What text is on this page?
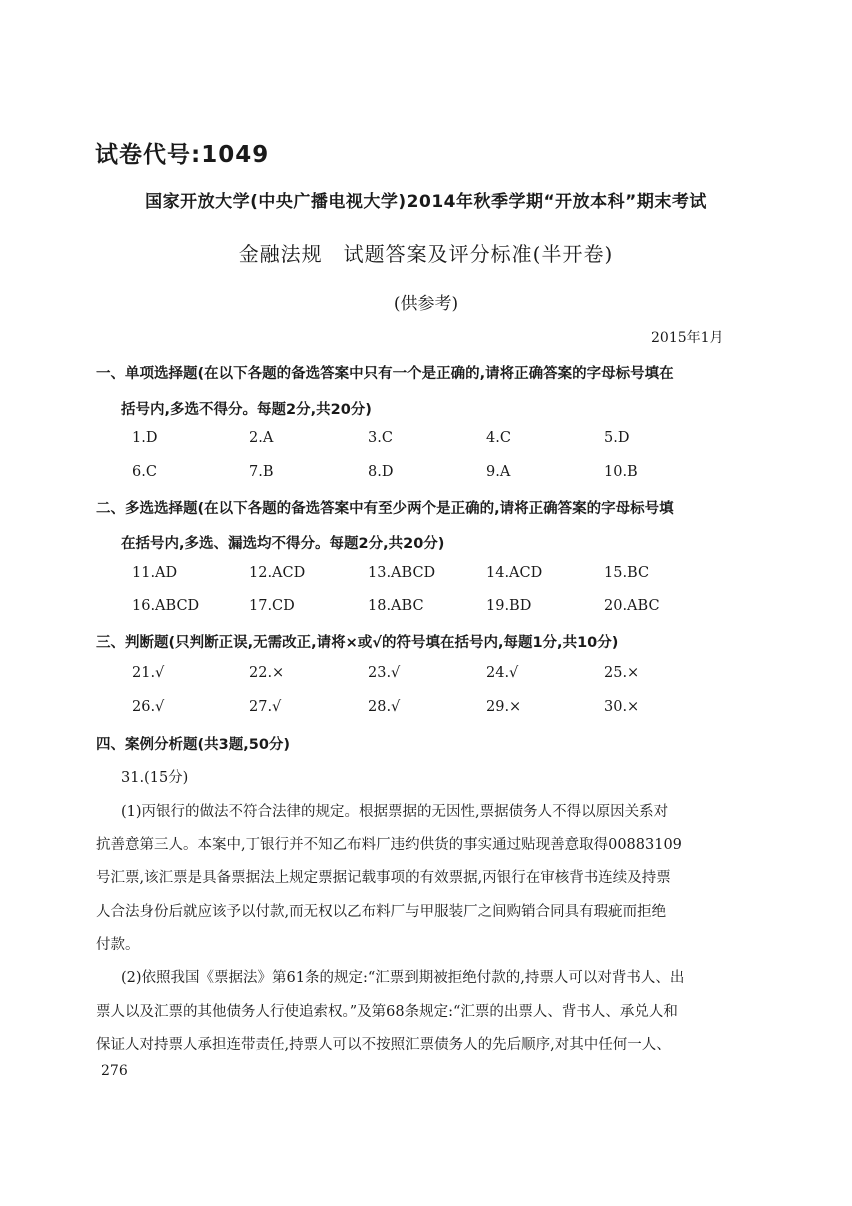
试卷代号:1049
国家开放大学(中央广播电视大学)2014年秋季学期“开放本科”期末考试
金融法规　试题答案及评分标准(半开卷)
(供参考)
2015年1月
一、单项选择题(在以下各题的备选答案中只有一个是正确的,请将正确答案的字母标号填在
括号内,多选不得分。每题2分,共20分)
1.D	2.A	3.C	4.C	5.D
6.C	7.B	8.D	9.A	10.B
二、多选选择题(在以下各题的备选答案中有至少两个是正确的,请将正确答案的字母标号填
在括号内,多选、漏选均不得分。每题2分,共20分)
11.AD	12.ACD	13.ABCD	14.ACD	15.BC
16.ABCD	17.CD	18.ABC	19.BD	20.ABC
三、判断题(只判断正误,无需改正,请将×或√的符号填在括号内,每题1分,共10分)
21.√	22.×	23.√	24.√	25.×
26.√	27.√	28.√	29.×	30.×
四、案例分析题(共3题,50分)
31.(15分)
(1)丙银行的做法不符合法律的规定。根据票据的无因性,票据债务人不得以原因关系对
抗善意第三人。本案中,丁银行并不知乙布料厂违约供货的事实通过贴现善意取得00883109
号汇票,该汇票是具备票据法上规定票据记载事项的有效票据,丙银行在审核背书连续及持票
人合法身份后就应该予以付款,而无权以乙布料厂与甲服装厂之间购销合同具有瑕疵而拒绝
付款。
(2)依照我国《票据法》第61条的规定:“汇票到期被拒绝付款的,持票人可以对背书人、出
票人以及汇票的其他债务人行使追索权。”及第68条规定:“汇票的出票人、背书人、承兑人和
保证人对持票人承担连带责任,持票人可以不按照汇票债务人的先后顺序,对其中任何一人、
276
